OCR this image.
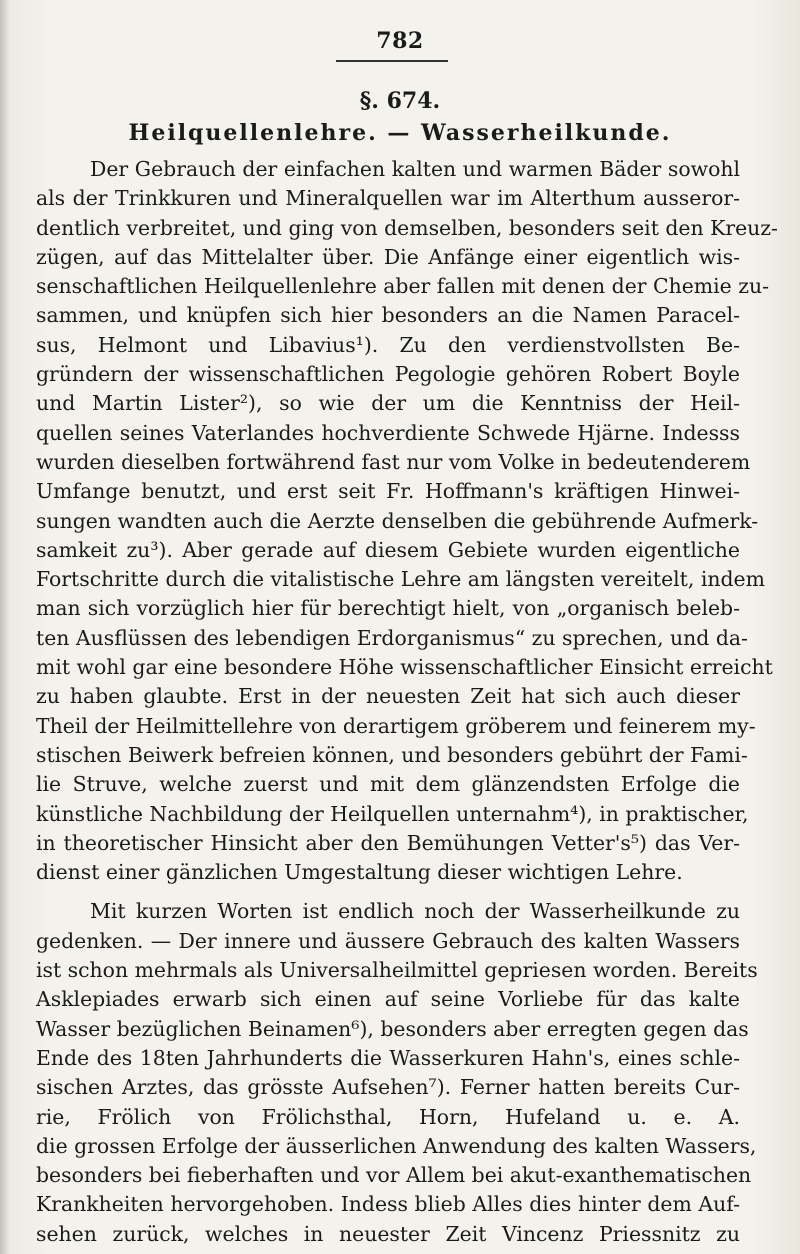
782
§. 674.
Heilquellenlehre. — Wasserheilkunde.
Der Gebrauch der einfachen kalten und warmen Bäder sowohl
als der Trinkkuren und Mineralquellen war im Alterthum ausseror-
dentlich verbreitet, und ging von demselben, besonders seit den Kreuz-
zügen, auf das Mittelalter über. Die Anfänge einer eigentlich wis-
senschaftlichen Heilquellenlehre aber fallen mit denen der Chemie zu-
sammen, und knüpfen sich hier besonders an die Namen Paracel-
sus, Helmont und Libavius¹). Zu den verdienstvollsten Be-
gründern der wissenschaftlichen Pegologie gehören Robert Boyle
und Martin Lister²), so wie der um die Kenntniss der Heil-
quellen seines Vaterlandes hochverdiente Schwede Hjärne. Indesss
wurden dieselben fortwährend fast nur vom Volke in bedeutenderem
Umfange benutzt, und erst seit Fr. Hoffmann's kräftigen Hinwei-
sungen wandten auch die Aerzte denselben die gebührende Aufmerk-
samkeit zu³). Aber gerade auf diesem Gebiete wurden eigentliche
Fortschritte durch die vitalistische Lehre am längsten vereitelt, indem
man sich vorzüglich hier für berechtigt hielt, von „organisch beleb-
ten Ausflüssen des lebendigen Erdorganismus“ zu sprechen, und da-
mit wohl gar eine besondere Höhe wissenschaftlicher Einsicht erreicht
zu haben glaubte. Erst in der neuesten Zeit hat sich auch dieser
Theil der Heilmittellehre von derartigem gröberem und feinerem my-
stischen Beiwerk befreien können, und besonders gebührt der Fami-
lie Struve, welche zuerst und mit dem glänzendsten Erfolge die
künstliche Nachbildung der Heilquellen unternahm⁴), in praktischer,
in theoretischer Hinsicht aber den Bemühungen Vetter's⁵) das Ver-
dienst einer gänzlichen Umgestaltung dieser wichtigen Lehre.
Mit kurzen Worten ist endlich noch der Wasserheilkunde zu
gedenken. — Der innere und äussere Gebrauch des kalten Wassers
ist schon mehrmals als Universalheilmittel gepriesen worden. Bereits
Asklepiades erwarb sich einen auf seine Vorliebe für das kalte
Wasser bezüglichen Beinamen⁶), besonders aber erregten gegen das
Ende des 18ten Jahrhunderts die Wasserkuren Hahn's, eines schle-
sischen Arztes, das grösste Aufsehen⁷). Ferner hatten bereits Cur-
rie, Frölich von Frölichsthal, Horn, Hufeland u. e. A.
die grossen Erfolge der äusserlichen Anwendung des kalten Wassers,
besonders bei fieberhaften und vor Allem bei akut-exanthematischen
Krankheiten hervorgehoben. Indess blieb Alles dies hinter dem Auf-
sehen zurück, welches in neuester Zeit Vincenz Priessnitz zu
